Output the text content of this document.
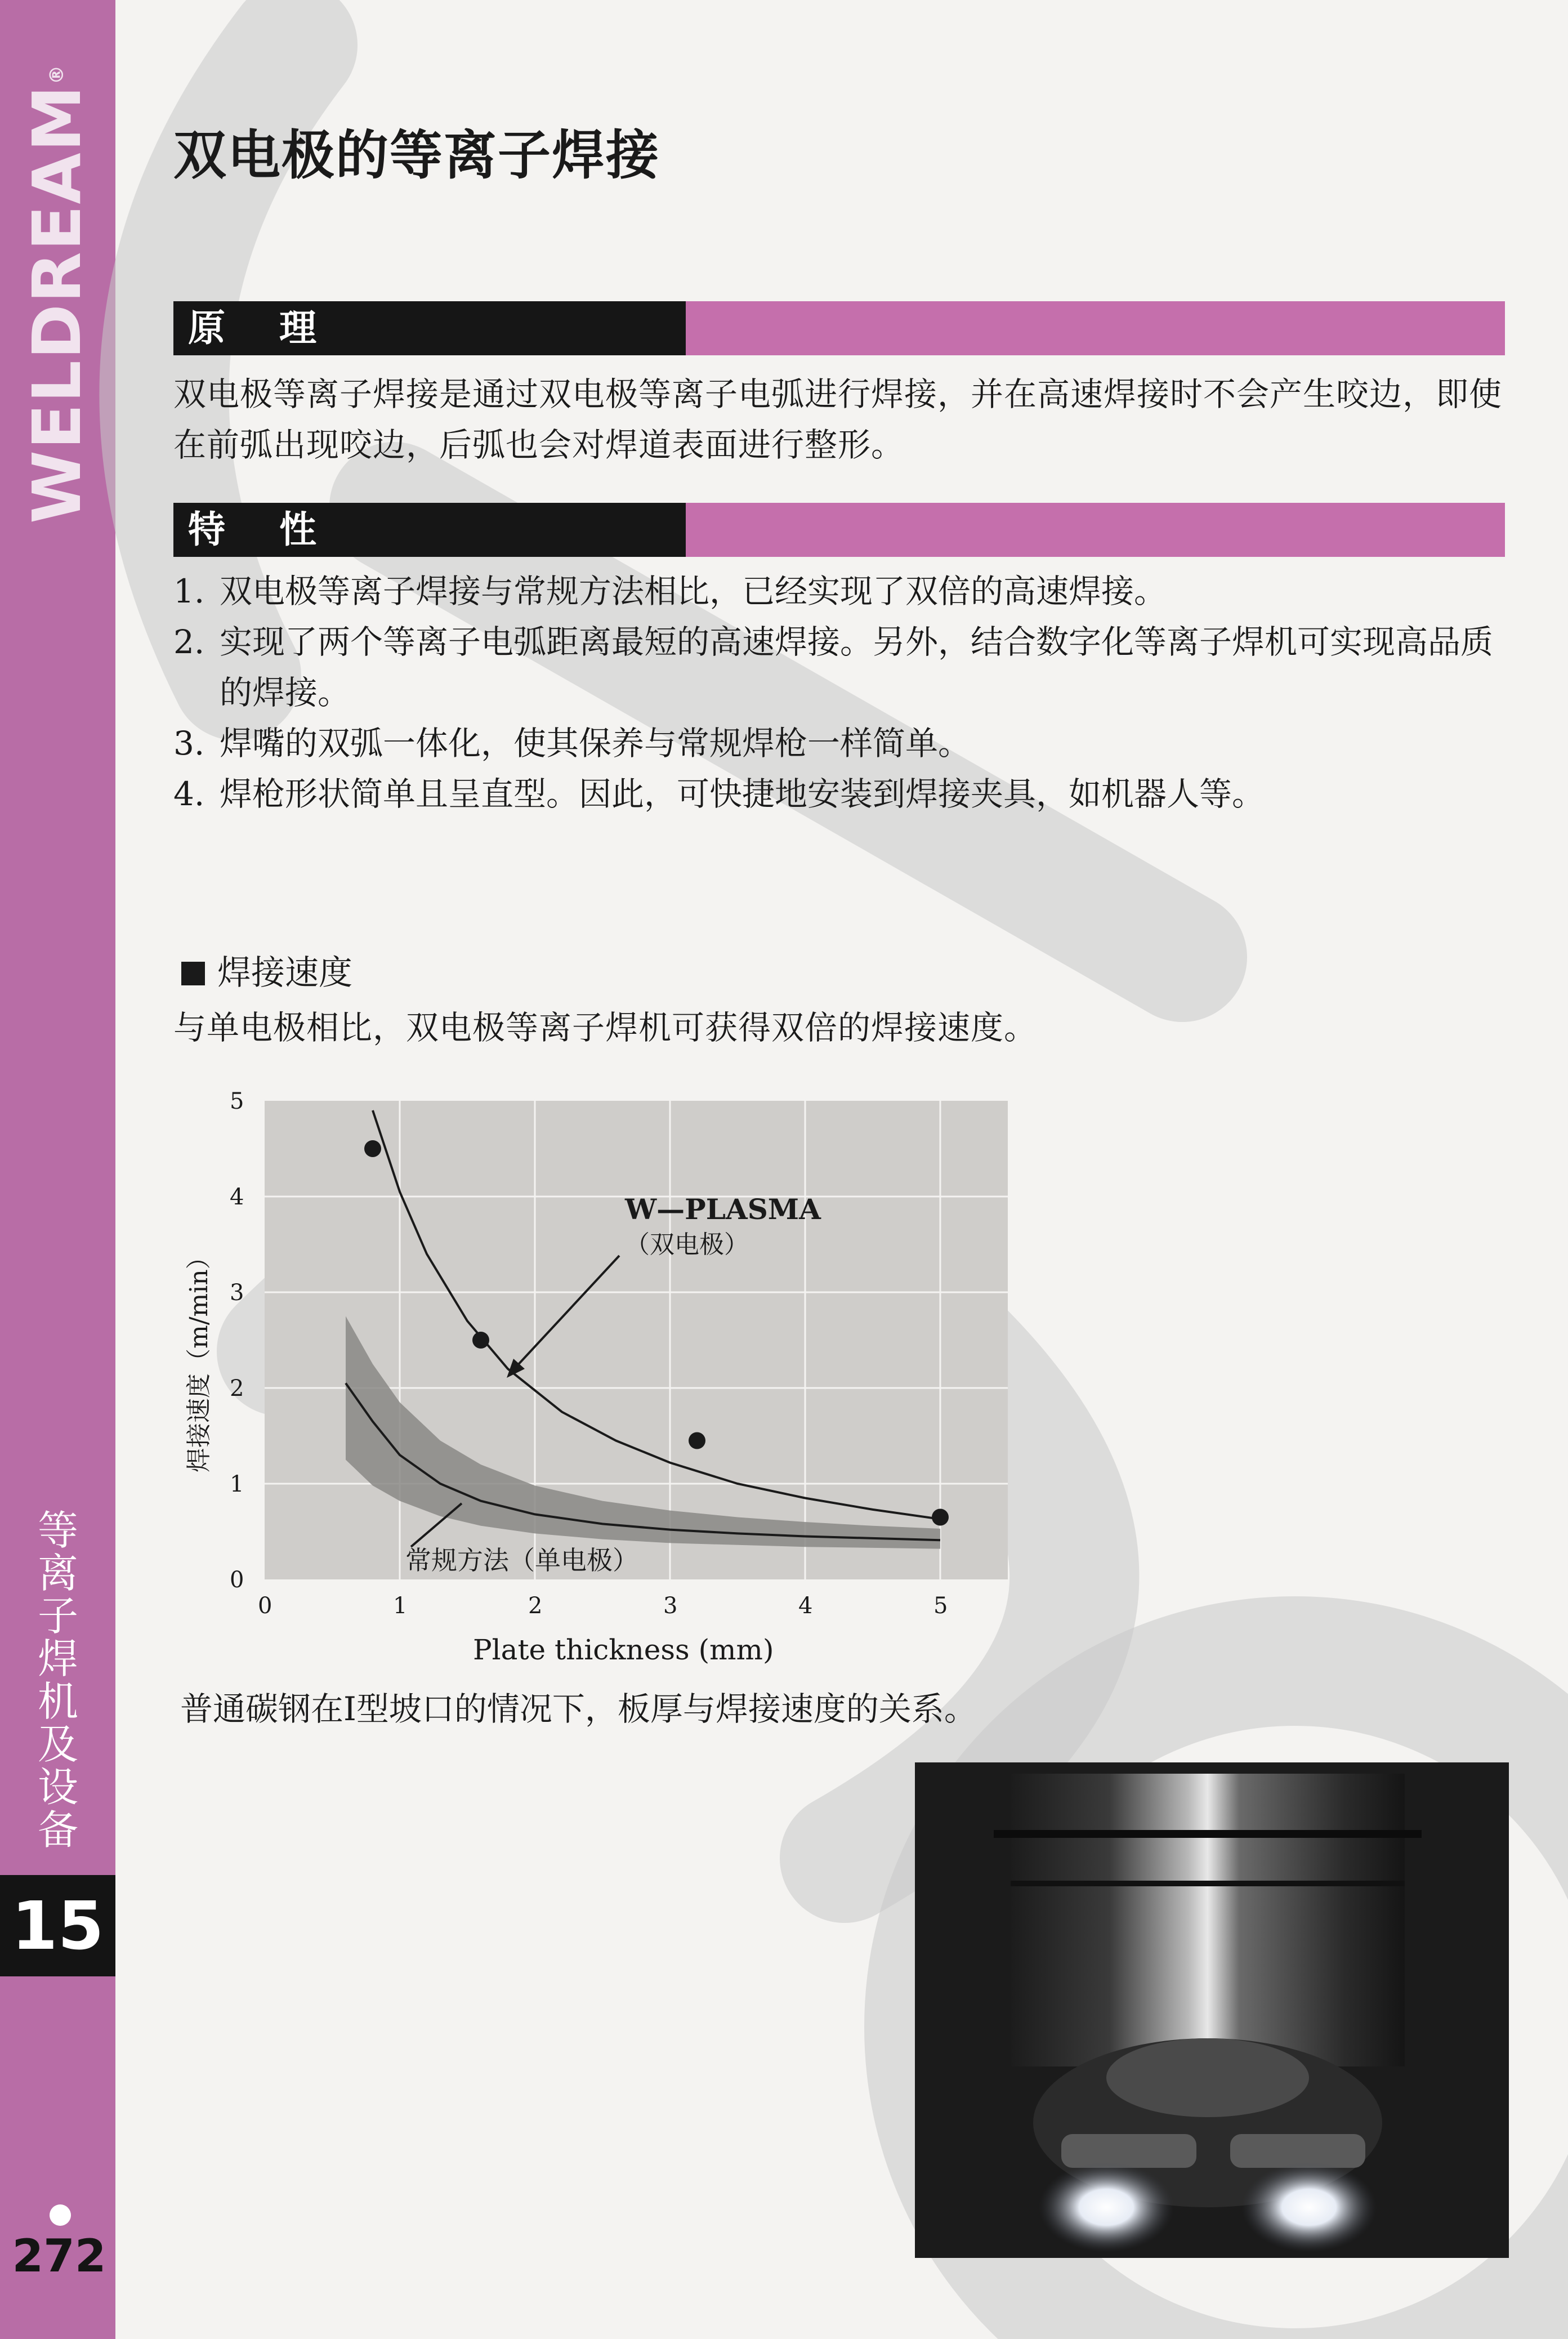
WELDREAM®
等离子焊机及设备
15
272
双电极的等离子焊接
原理
双电极等离子焊接是通过双电极等离子电弧进行焊接，并在高速焊接时不会产生咬边，即使在前弧出现咬边，后弧也会对焊道表面进行整形。
特性
1. 双电极等离子焊接与常规方法相比，已经实现了双倍的高速焊接。
2. 实现了两个等离子电弧距离最短的高速焊接。另外，结合数字化等离子焊机可实现高品质的焊接。
3. 焊嘴的双弧一体化，使其保养与常规焊枪一样简单。
4. 焊枪形状简单且呈直型。因此，可快捷地安装到焊接夹具，如机器人等。
焊接速度
与单电极相比，双电极等离子焊机可获得双倍的焊接速度。
0	1	2	3	4	5
0
1
2
3
4
5
W—PLASMA
（双电极）
常规方法（单电极）
焊接速度（m/min）
Plate thickness (mm)
普通碳钢在I型坡口的情况下，板厚与焊接速度的关系。
